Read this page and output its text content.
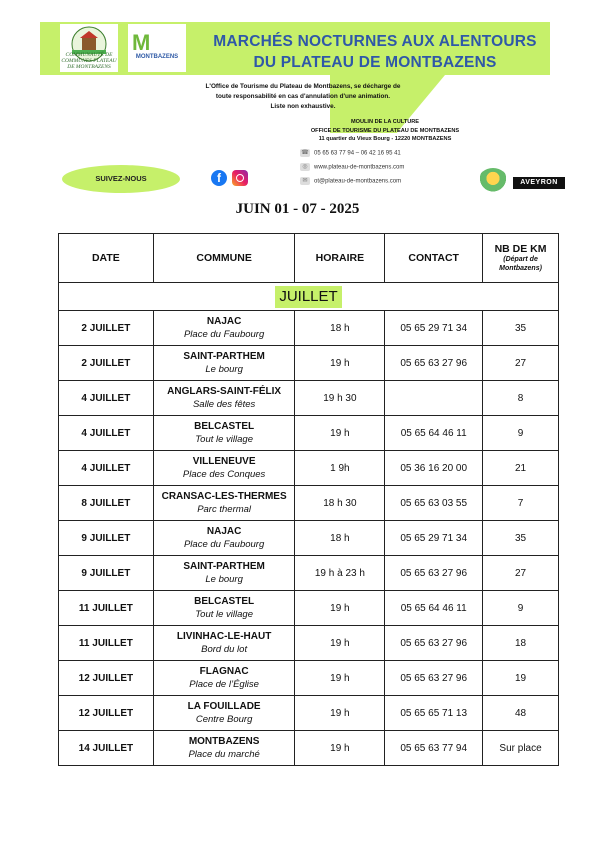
COMMUNAUTÉ DE COMMUNES PLATEAU DE MONTBAZENS
M
MONTBAZENS
MARCHÉS NOCTURNES AUX ALENTOURS
DU PLATEAU DE MONTBAZENS
L'Office de Tourisme du Plateau de Montbazens, se décharge de
toute responsabilité en cas d'annulation d'une animation.
Liste non exhaustive.
MOULIN DE LA CULTURE
OFFICE DE TOURISME DU PLATEAU DE MONTBAZENS
11 quartier du Vieux Bourg - 12220 MONTBAZENS
☎ 05 65 63 77 94 – 06 42 16 95 41
◎ www.plateau-de-montbazens.com
✉ ot@plateau-de-montbazens.com
SUIVEZ-NOUS	f	AVEYRON
JUIN 01 - 07 - 2025
DATE	COMMUNE	HORAIRE	CONTACT	NB DE KM
(Départ de Montbazens)

JUILLET				
2 JUILLET	NAJAC
Place du Faubourg	18 h	05 65 29 71 34	35
2 JUILLET	SAINT-PARTHEM
Le bourg	19 h	05 65 63 27 96	27
4 JUILLET	ANGLARS-SAINT-FÉLIX
Salle des fêtes	19 h 30		8
4 JUILLET	BELCASTEL
Tout le village	19 h	05 65 64 46 11	9
4 JUILLET	VILLENEUVE
Place des Conques	1 9h	05 36 16 20 00	21
8 JUILLET	CRANSAC-LES-THERMES
Parc thermal	18 h 30	05 65 63 03 55	7
9 JUILLET	NAJAC
Place du Faubourg	18 h	05 65 29 71 34	35
9 JUILLET	SAINT-PARTHEM
Le bourg	19 h à 23 h	05 65 63 27 96	27
11 JUILLET	BELCASTEL
Tout le village	19 h	05 65 64 46 11	9
11 JUILLET	LIVINHAC-LE-HAUT
Bord du lot	19 h	05 65 63 27 96	18
12 JUILLET	FLAGNAC
Place de l’Église	19 h	05 65 63 27 96	19
12 JUILLET	LA FOUILLADE
Centre Bourg	19 h	05 65 65 71 13	48
14 JUILLET	MONTBAZENS
Place du marché	19 h	05 65 63 77 94	Sur place
